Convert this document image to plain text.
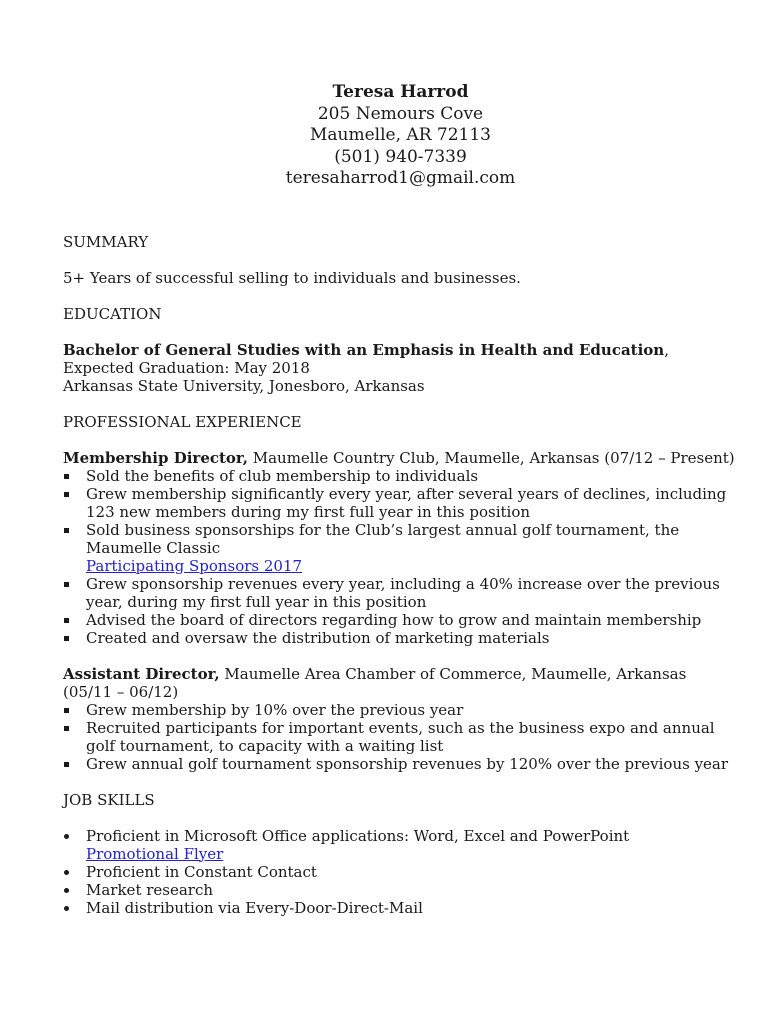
Teresa Harrod
205 Nemours Cove
Maumelle, AR 72113
(501) 940-7339
teresaharrod1@gmail.com
SUMMARY
5+ Years of successful selling to individuals and businesses.
EDUCATION
Bachelor of General Studies with an Emphasis in Health and Education,
Expected Graduation: May 2018
Arkansas State University, Jonesboro, Arkansas
PROFESSIONAL EXPERIENCE
Membership Director, Maumelle Country Club, Maumelle, Arkansas (07/12 – Present)
Sold the benefits of club membership to individuals
Grew membership significantly every year, after several years of declines, including 123 new members during my first full year in this position
Sold business sponsorships for the Club’s largest annual golf tournament, the Maumelle Classic
Participating Sponsors 2017
Grew sponsorship revenues every year, including a 40% increase over the previous year, during my first full year in this position
Advised the board of directors regarding how to grow and maintain membership
Created and oversaw the distribution of marketing materials
Assistant Director, Maumelle Area Chamber of Commerce, Maumelle, Arkansas (05/11 – 06/12)
Grew membership by 10% over the previous year
Recruited participants for important events, such as the business expo and annual golf tournament, to capacity with a waiting list
Grew annual golf tournament sponsorship revenues by 120% over the previous year
JOB SKILLS
Proficient in Microsoft Office applications: Word, Excel and PowerPoint
Promotional Flyer
Proficient in Constant Contact
Market research
Mail distribution via Every-Door-Direct-Mail
